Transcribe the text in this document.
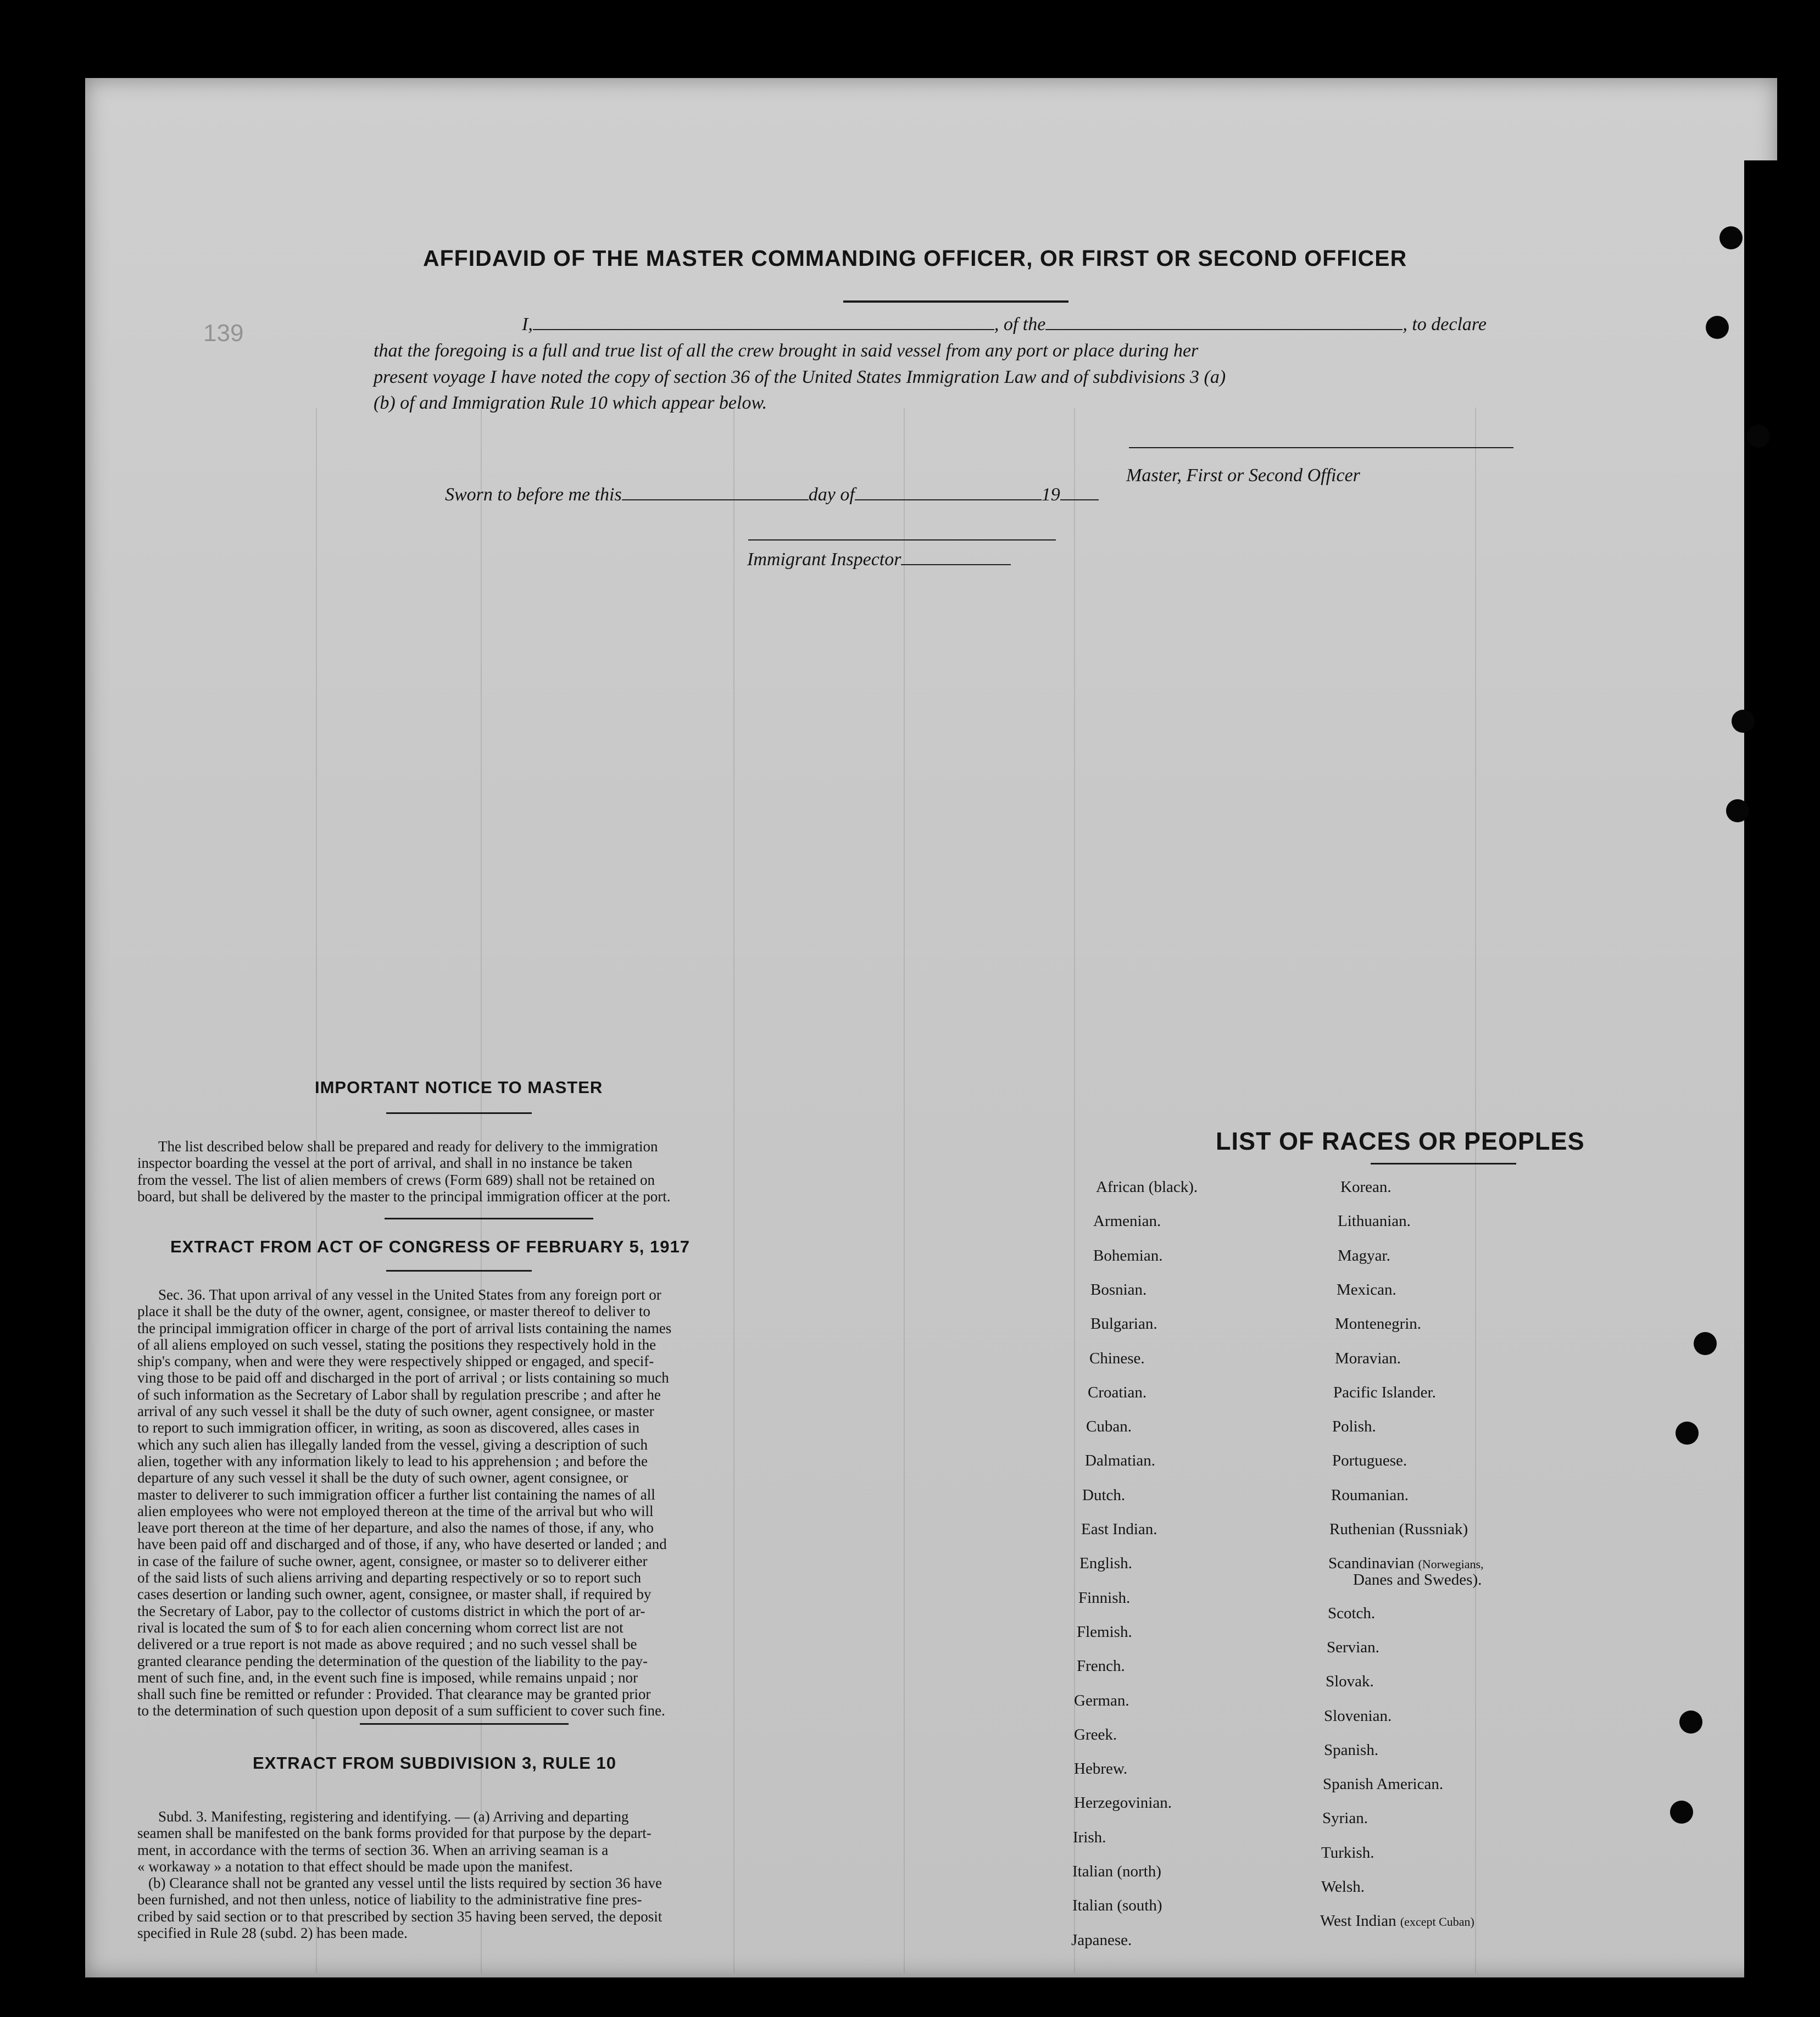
139
AFFIDAVID OF THE MASTER COMMANDING OFFICER, OR FIRST OR SECOND OFFICER
I,	, of the	, to declare
that the foregoing is a full and true list of all the crew brought in said vessel from any port or place during her
present voyage I have noted the copy of section 36 of the United States Immigration Law and of subdivisions 3 (a)
(b) of and Immigration Rule 10 which appear below.
Master, First or Second Officer
Sworn to before me this	day of	19
Immigrant Inspector
IMPORTANT NOTICE TO MASTER
The list described below shall be prepared and ready for delivery to the immigration
inspector boarding the vessel at the port of arrival, and shall in no instance be taken
from the vessel. The list of alien members of crews (Form 689) shall not be retained on
board, but shall be delivered by the master to the principal immigration officer at the port.
EXTRACT FROM ACT OF CONGRESS OF FEBRUARY 5, 1917
Sec. 36. That upon arrival of any vessel in the United States from any foreign port or
place it shall be the duty of the owner, agent, consignee, or master thereof to deliver to
the principal immigration officer in charge of the port of arrival lists containing the names
of all aliens employed on such vessel, stating the positions they respectively hold in the
ship's company, when and were they were respectively shipped or engaged, and specif-
ving those to be paid off and discharged in the port of arrival ; or lists containing so much
of such information as the Secretary of Labor shall by regulation prescribe ; and after he
arrival of any such vessel it shall be the duty of such owner, agent consignee, or master
to report to such immigration officer, in writing, as soon as discovered, alles cases in
which any such alien has illegally landed from the vessel, giving a description of such
alien, together with any information likely to lead to his apprehension ; and before the
departure of any such vessel it shall be the duty of such owner, agent consignee, or
master to deliverer to such immigration officer a further list containing the names of all
alien employees who were not employed thereon at the time of the arrival but who will
leave port thereon at the time of her departure, and also the names of those, if any, who
have been paid off and discharged and of those, if any, who have deserted or landed ; and
in case of the failure of suche owner, agent, consignee, or master so to deliverer either
of the said lists of such aliens arriving and departing respectively or so to report such
cases desertion or landing such owner, agent, consignee, or master shall, if required by
the Secretary of Labor, pay to the collector of customs district in which the port of ar-
rival is located the sum of $ to for each alien concerning whom correct list are not
delivered or a true report is not made as above required ; and no such vessel shall be
granted clearance pending the determination of the question of the liability to the pay-
ment of such fine, and, in the event such fine is imposed, while remains unpaid ; nor
shall such fine be remitted or refunder : Provided. That clearance may be granted prior
to the determination of such question upon deposit of a sum sufficient to cover such fine.
EXTRACT FROM SUBDIVISION 3, RULE 10
Subd. 3. Manifesting, registering and identifying. — (a) Arriving and departing
seamen shall be manifested on the bank forms provided for that purpose by the depart-
ment, in accordance with the terms of section 36. When an arriving seaman is a
« workaway » a notation to that effect should be made upon the manifest.
(b) Clearance shall not be granted any vessel until the lists required by section 36 have
been furnished, and not then unless, notice of liability to the administrative fine pres-
cribed by said section or to that prescribed by section 35 having been served, the deposit
specified in Rule 28 (subd. 2) has been made.
LIST OF RACES OR PEOPLES
African (black).
Armenian.
Bohemian.
Bosnian.
Bulgarian.
Chinese.
Croatian.
Cuban.
Dalmatian.
Dutch.
East Indian.
English.
Finnish.
Flemish.
French.
German.
Greek.
Hebrew.
Herzegovinian.
Irish.
Italian (north)
Italian (south)
Japanese.
Korean.
Lithuanian.
Magyar.
Mexican.
Montenegrin.
Moravian.
Pacific Islander.
Polish.
Portuguese.
Roumanian.
Ruthenian (Russniak)
Danes and Swedes).
Scandinavian (Norwegians,
Scotch.
Servian.
Slovak.
Slovenian.
Spanish.
Spanish American.
Syrian.
Turkish.
Welsh.
West Indian (except Cuban)
